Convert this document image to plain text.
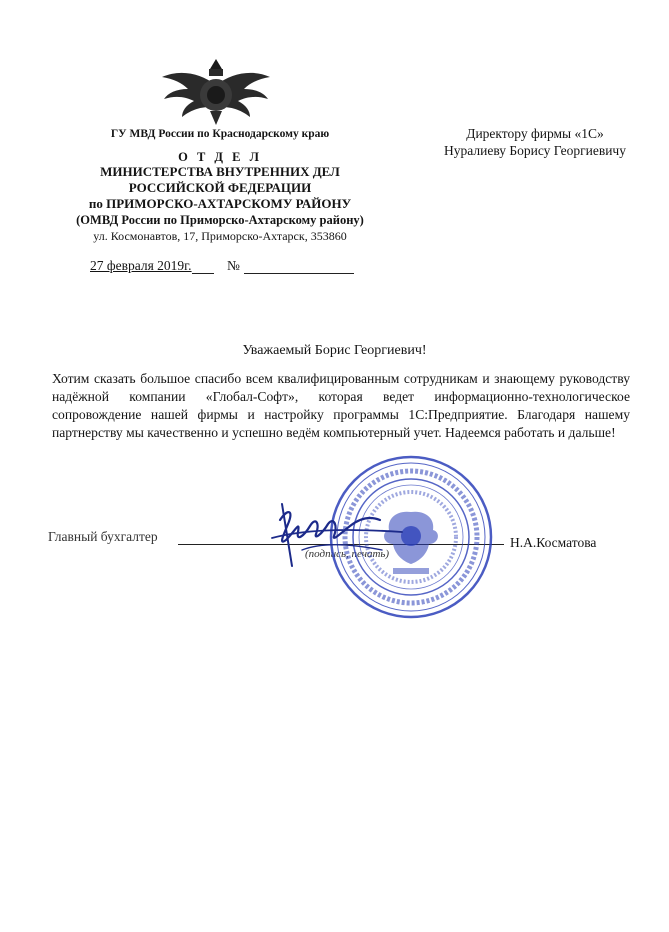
ГУ МВД России по Краснодарскому краю
О Т Д Е Л
МИНИСТЕРСТВА ВНУТРЕННИХ ДЕЛ
РОССИЙСКОЙ ФЕДЕРАЦИИ
по ПРИМОРСКО-АХТАРСКОМУ РАЙОНУ
(ОМВД России по Приморско-Ахтарскому району)
ул. Космонавтов, 17, Приморско-Ахтарск, 353860
Директору фирмы «1С»
Нуралиеву Борису Георгиевичу
27 февраля 2019г.	№
Уважаемый Борис Георгиевич!
Хотим сказать большое спасибо всем квалифицированным сотрудникам и знающему руководству надёжной компании «Глобал-Софт», которая ведет информационно-технологическое сопровождение нашей фирмы и настройку программы 1С:Предприятие. Благодаря нашему партнерству мы качественно и успешно ведём компьютерный учет. Надеемся работать и дальше!
Главный бухгалтер
(подпись, печать)
Н.А.Косматова
